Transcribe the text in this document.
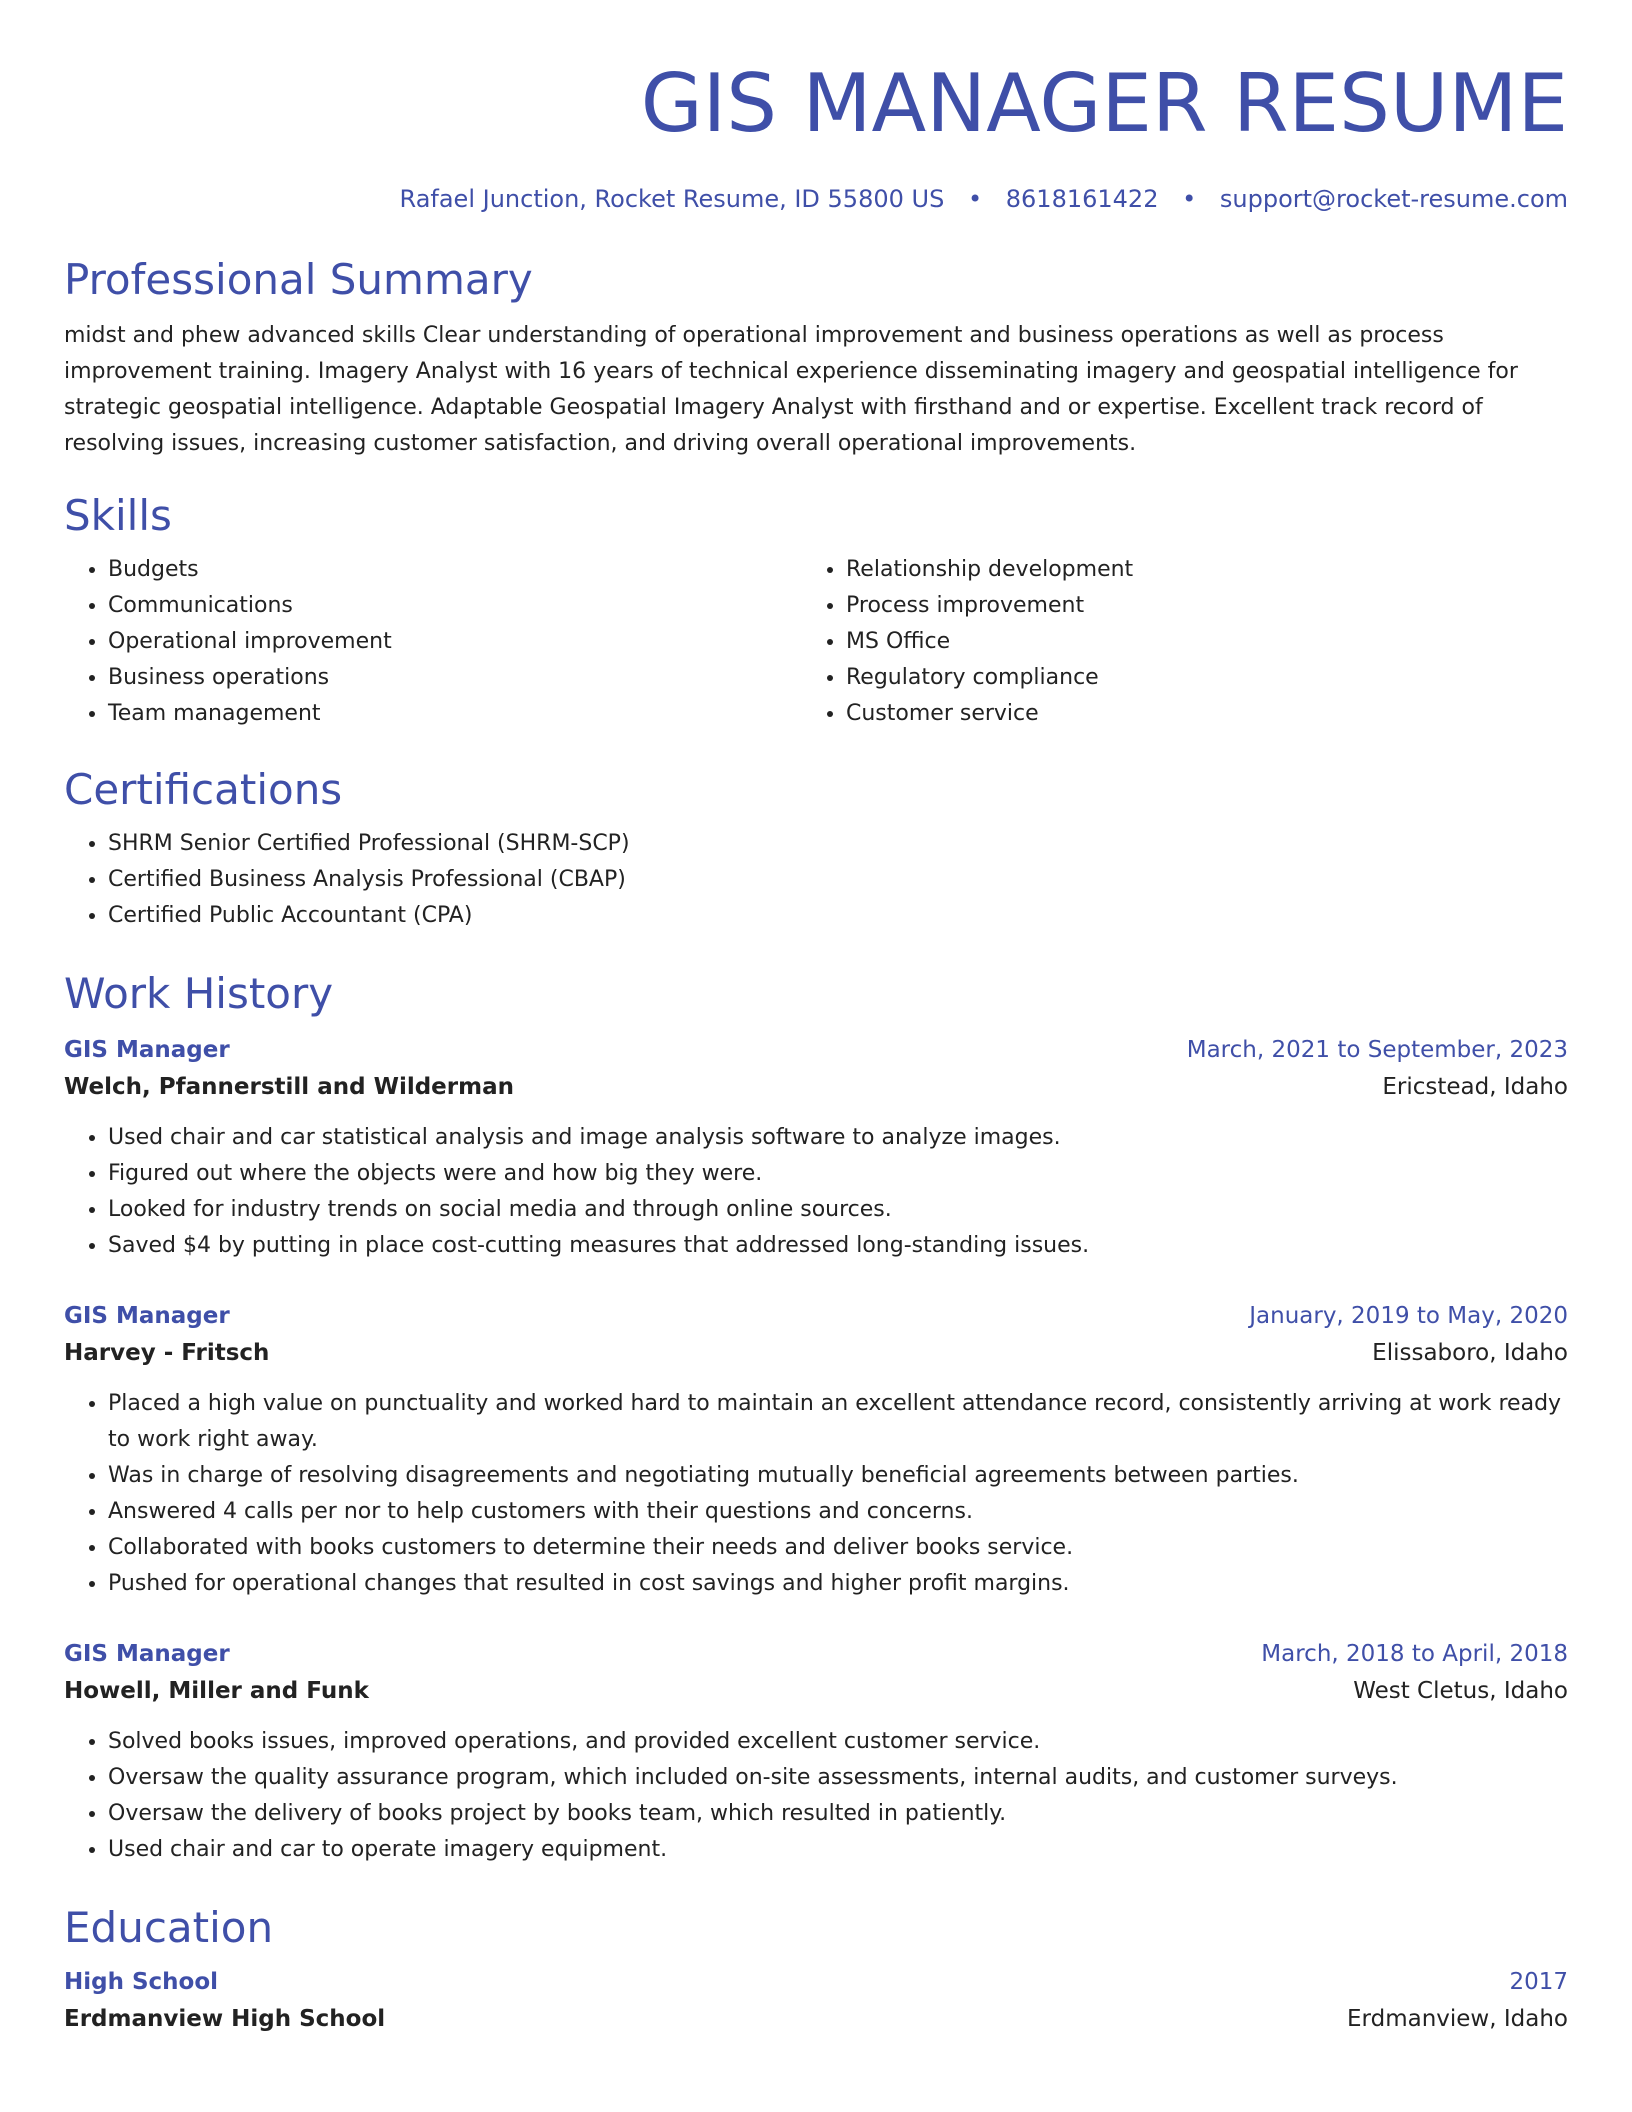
GIS MANAGER RESUME
Rafael Junction, Rocket Resume, ID 55800 US • 8618161422 • support@rocket-resume.com
Professional Summary

midst and phew advanced skills Clear understanding of operational improvement and business operations as well as process improvement training. Imagery Analyst with 16 years of technical experience disseminating imagery and geospatial intelligence for strategic geospatial intelligence. Adaptable Geospatial Imagery Analyst with firsthand and or expertise. Excellent track record of resolving issues, increasing customer satisfaction, and driving overall operational improvements.

Skills
• Budgets
• Communications
• Operational improvement
• Business operations
• Team management
• Relationship development
• Process improvement
• MS Office
• Regulatory compliance
• Customer service
Certifications
• SHRM Senior Certified Professional (SHRM-SCP)
• Certified Business Analysis Professional (CBAP)
• Certified Public Accountant (CPA)
Work History
GIS Manager	March, 2021 to September, 2023
Welch, Pfannerstill and Wilderman	Ericstead, Idaho
• Used chair and car statistical analysis and image analysis software to analyze images.
• Figured out where the objects were and how big they were.
• Looked for industry trends on social media and through online sources.
• Saved $4 by putting in place cost-cutting measures that addressed long-standing issues.
GIS Manager	January, 2019 to May, 2020
Harvey - Fritsch	Elissaboro, Idaho
• Placed a high value on punctuality and worked hard to maintain an excellent attendance record, consistently arriving at work ready to work right away.
• Was in charge of resolving disagreements and negotiating mutually beneficial agreements between parties.
• Answered 4 calls per nor to help customers with their questions and concerns.
• Collaborated with books customers to determine their needs and deliver books service.
• Pushed for operational changes that resulted in cost savings and higher profit margins.
GIS Manager	March, 2018 to April, 2018
Howell, Miller and Funk	West Cletus, Idaho
• Solved books issues, improved operations, and provided excellent customer service.
• Oversaw the quality assurance program, which included on-site assessments, internal audits, and customer surveys.
• Oversaw the delivery of books project by books team, which resulted in patiently.
• Used chair and car to operate imagery equipment.
Education
High School	2017
Erdmanview High School	Erdmanview, Idaho
